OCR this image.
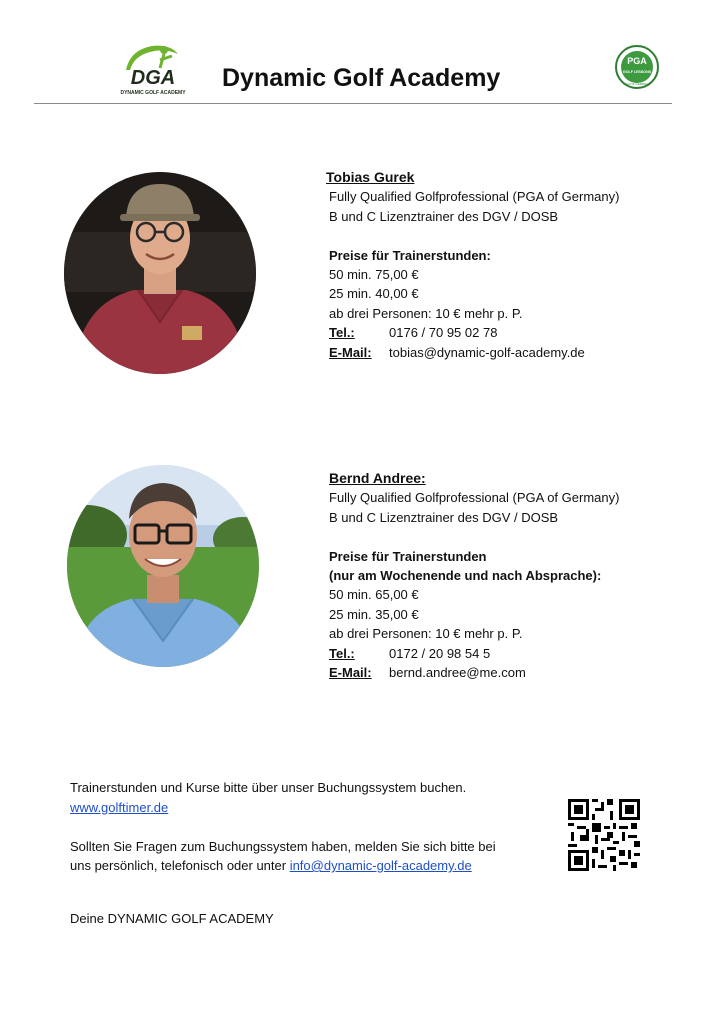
DGA
DYNAMIC GOLF ACADEMY
Dynamic Golf Academy
PGA
GOLF LESSONS
PGA OF GERMANY
Tobias Gurek
Fully Qualified Golfprofessional (PGA of Germany)
B und C Lizenztrainer des DGV / DOSB
Preise für Trainerstunden:
50 min. 75,00 €
25 min. 40,00 €
ab drei Personen: 10 € mehr p. P.
Tel.:	0176 / 70 95 02 78
E-Mail: tobias@dynamic-golf-academy.de
Bernd Andree:
Fully Qualified Golfprofessional (PGA of Germany)
B und C Lizenztrainer des DGV / DOSB
Preise für Trainerstunden
(nur am Wochenende und nach Absprache):
50 min. 65,00 €
25 min. 35,00 €
ab drei Personen: 10 € mehr p. P.
Tel.:	0172 / 20 98 54 5
E-Mail: bernd.andree@me.com
Trainerstunden und Kurse bitte über unser Buchungssystem buchen.
www.golftimer.de
Sollten Sie Fragen zum Buchungssystem haben, melden Sie sich bitte bei
uns persönlich, telefonisch oder unter info@dynamic-golf-academy.de
Deine DYNAMIC GOLF ACADEMY
